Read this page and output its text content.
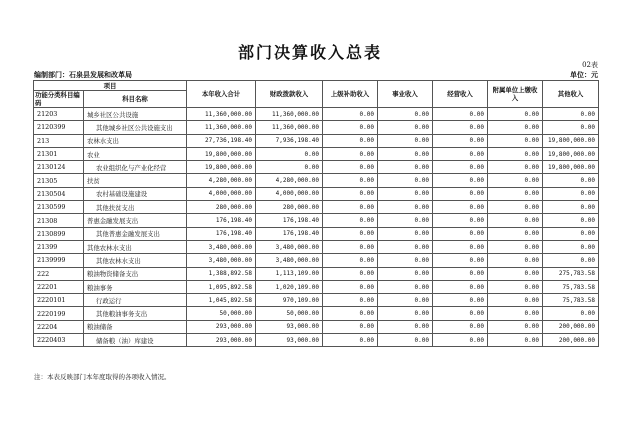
部门决算收入总表
02表
编制部门：石泉县发展和改革局	单位：元
项目		本年收入合计	财政拨款收入	上级补助收入	事业收入	经营收入	附属单位上缴收入	其他收入
功能分类科目编码	科目名称							
21203	城乡社区公共设施	11,360,000.00	11,360,000.00	0.00	0.00	0.00	0.00	0.00
2120399	其他城乡社区公共设施支出	11,360,000.00	11,360,000.00	0.00	0.00	0.00	0.00	0.00
213	农林水支出	27,736,198.40	7,936,198.40	0.00	0.00	0.00	0.00	19,800,000.00
21301	农业	19,800,000.00	0.00	0.00	0.00	0.00	0.00	19,800,000.00
2130124	农业组织化与产业化经营	19,800,000.00	0.00	0.00	0.00	0.00	0.00	19,800,000.00
21305	扶贫	4,280,000.00	4,280,000.00	0.00	0.00	0.00	0.00	0.00
2130504	农村基础设施建设	4,000,000.00	4,000,000.00	0.00	0.00	0.00	0.00	0.00
2130599	其他扶贫支出	280,000.00	280,000.00	0.00	0.00	0.00	0.00	0.00
21308	普惠金融发展支出	176,198.40	176,198.40	0.00	0.00	0.00	0.00	0.00
2130899	其他普惠金融发展支出	176,198.40	176,198.40	0.00	0.00	0.00	0.00	0.00
21399	其他农林水支出	3,480,000.00	3,480,000.00	0.00	0.00	0.00	0.00	0.00
2139999	其他农林水支出	3,480,000.00	3,480,000.00	0.00	0.00	0.00	0.00	0.00
222	粮油物资储备支出	1,388,892.58	1,113,109.00	0.00	0.00	0.00	0.00	275,783.58
22201	粮油事务	1,095,892.58	1,020,109.00	0.00	0.00	0.00	0.00	75,783.58
2220101	行政运行	1,045,892.58	970,109.00	0.00	0.00	0.00	0.00	75,783.58
2220199	其他粮油事务支出	50,000.00	50,000.00	0.00	0.00	0.00	0.00	0.00
22204	粮油储备	293,000.00	93,000.00	0.00	0.00	0.00	0.00	200,000.00
2220403	储备粮（油）库建设	293,000.00	93,000.00	0.00	0.00	0.00	0.00	200,000.00
注：本表反映部门本年度取得的各项收入情况。
